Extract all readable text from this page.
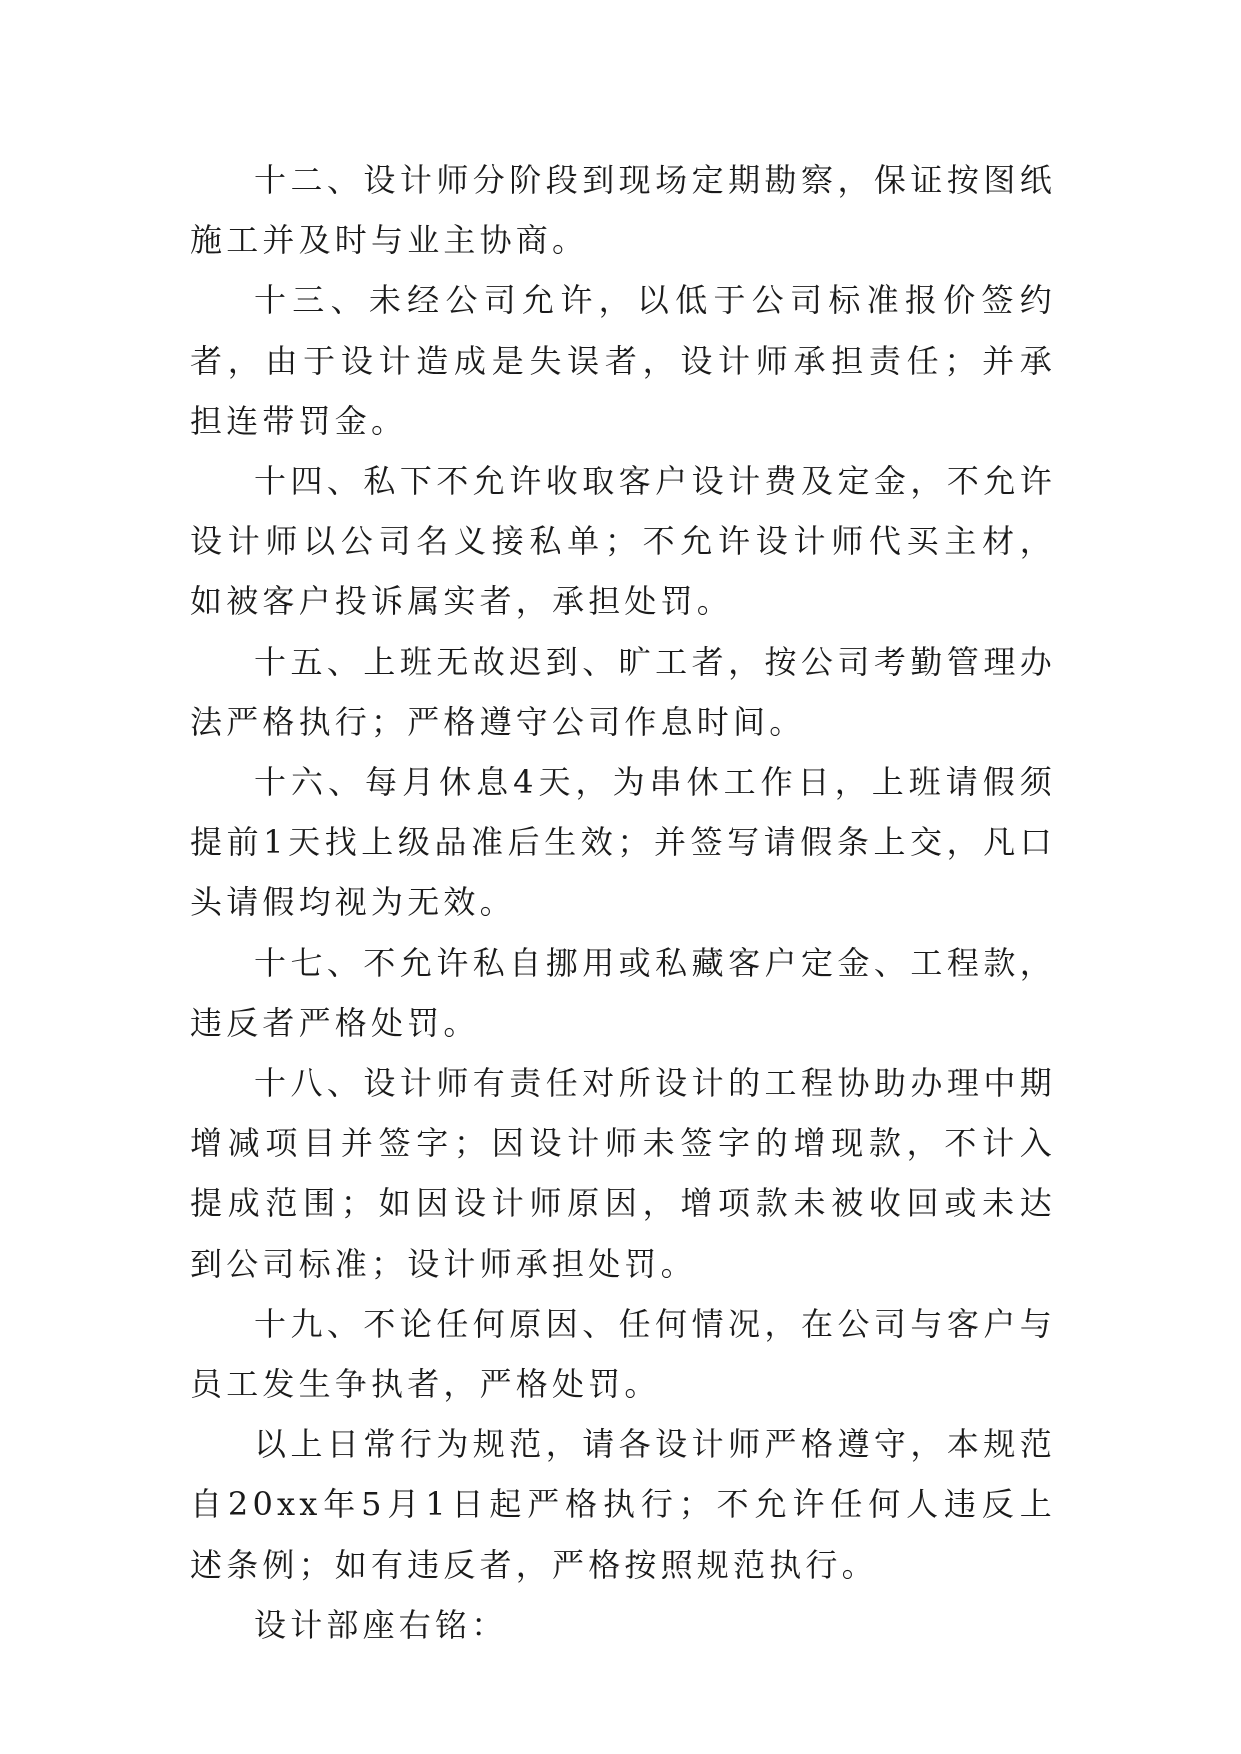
十二、设计师分阶段到现场定期勘察，保证按图纸施工并及时与业主协商。

十三、未经公司允许，以低于公司标准报价签约者，由于设计造成是失误者，设计师承担责任；并承担连带罚金。

十四、私下不允许收取客户设计费及定金，不允许设计师以公司名义接私单；不允许设计师代买主材，如被客户投诉属实者，承担处罚。

十五、上班无故迟到、旷工者，按公司考勤管理办法严格执行；严格遵守公司作息时间。

十六、每月休息4天，为串休工作日，上班请假须提前1天找上级品准后生效；并签写请假条上交，凡口头请假均视为无效。

十七、不允许私自挪用或私藏客户定金、工程款，违反者严格处罚。

十八、设计师有责任对所设计的工程协助办理中期增减项目并签字；因设计师未签字的增现款，不计入提成范围；如因设计师原因，增项款未被收回或未达到公司标准；设计师承担处罚。

十九、不论任何原因、任何情况，在公司与客户与员工发生争执者，严格处罚。

以上日常行为规范，请各设计师严格遵守，本规范自20xx年5月1日起严格执行；不允许任何人违反上述条例；如有违反者，严格按照规范执行。

设计部座右铭：
